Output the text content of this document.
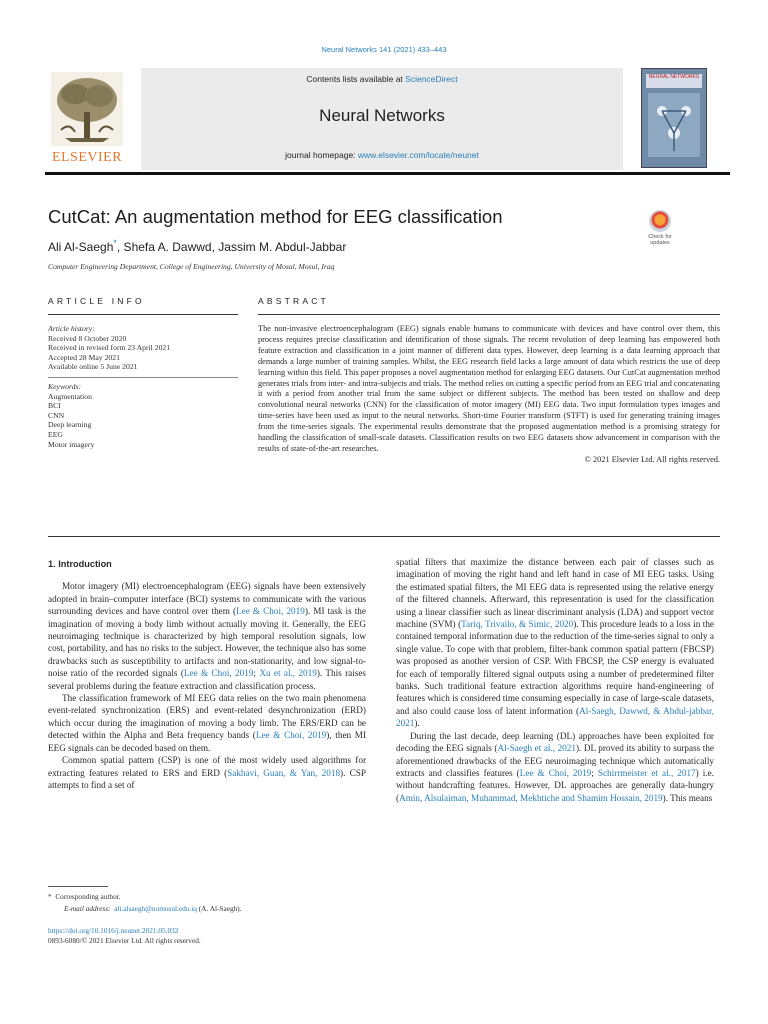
Neural Networks 141 (2021) 433–443
ELSEVIER
Contents lists available at ScienceDirect
Neural Networks
journal homepage: www.elsevier.com/locate/neunet
NEURAL NETWORKS
CutCat: An augmentation method for EEG classification
Ali Al-Saegh*, Shefa A. Dawwd, Jassim M. Abdul-Jabbar
Computer Engineering Department, College of Engineering, University of Mosul, Mosul, Iraq
Check for updates
ARTICLE INFO	ABSTRACT
Article history:
Received 8 October 2020
Received in revised form 23 April 2021
Accepted 28 May 2021
Available online 5 June 2021
Keywords:
Augmentation
BCI
CNN
Deep learning
EEG
Motor imagery
The non-invasive electroencephalogram (EEG) signals enable humans to communicate with devices and have control over them, this process requires precise classification and identification of those signals. The recent revolution of deep learning has empowered both feature extraction and classification in a joint manner of different data types. However, deep learning is a data learning approach that demands a large number of training samples. Whilst, the EEG research field lacks a large amount of data which restricts the use of deep learning within this field. This paper proposes a novel augmentation method for enlarging EEG datasets. Our CutCat augmentation method generates trials from inter- and intra-subjects and trials. The method relies on cutting a specific period from an EEG trial and concatenating it with a period from another trial from the same subject or different subjects. The method has been tested on shallow and deep convolutional neural networks (CNN) for the classification of motor imagery (MI) EEG data. Two input formulation types images and time-series have been used as input to the neural networks. Short-time Fourier transform (STFT) is used for generating training images from the time-series signals. The experimental results demonstrate that the proposed augmentation method is a promising strategy for handling the classification of small-scale datasets. Classification results on two EEG datasets show advancement in comparison with the results of state-of-the-art researches.
© 2021 Elsevier Ltd. All rights reserved.
1. Introduction

Motor imagery (MI) electroencephalogram (EEG) signals have been extensively adopted in brain–computer interface (BCI) systems to communicate with the various surrounding devices and have control over them (Lee & Choi, 2019). MI task is the imagination of moving a body limb without actually moving it. Generally, the EEG neuroimaging technique is characterized by high temporal resolution signals, low cost, portability, and has no risks to the subject. However, the technique also has some drawbacks such as susceptibility to artifacts and non-stationarity, and low signal-to-noise ratio of the recorded signals (Lee & Choi, 2019; Xu et al., 2019). This raises several problems during the feature extraction and classification process.

The classification framework of MI EEG data relies on the two main phenomena event-related synchronization (ERS) and event-related desynchronization (ERD) which occur during the imagination of moving a body limb. The ERS/ERD can be detected within the Alpha and Beta frequency bands (Lee & Choi, 2019), then MI EEG signals can be decoded based on them.

Common spatial pattern (CSP) is one of the most widely used algorithms for extracting features related to ERS and ERD (Sakhavi, Guan, & Yan, 2018). CSP attempts to find a set of

spatial filters that maximize the distance between each pair of classes such as imagination of moving the right hand and left hand in case of MI EEG tasks. Using the estimated spatial filters, the MI EEG data is represented using the relative energy of the filtered channels. Afterward, this representation is used for the classification using a linear classifier such as linear discriminant analysis (LDA) and support vector machine (SVM) (Tariq, Trivailo, & Simic, 2020). This procedure leads to a loss in the contained temporal information due to the reduction of the time-series signal to only a single value. To cope with that problem, filter-bank common spatial pattern (FBCSP) was proposed as another version of CSP. With FBCSP, the CSP energy is evaluated for each of temporally filtered signal outputs using a number of predetermined filter banks. Such traditional feature extraction algorithms require hand-engineering of features which is considered time consuming especially in case of large-scale datasets, and also could cause loss of latent information (Al-Saegh, Dawwd, & Abdul-jabbar, 2021).

During the last decade, deep learning (DL) approaches have been exploited for decoding the EEG signals (Al-Saegh et al., 2021). DL proved its ability to surpass the aforementioned drawbacks of the EEG neuroimaging technique which automatically extracts and classifies features (Lee & Choi, 2019; Schirrmeister et al., 2017) i.e. without handcrafting features. However, DL approaches are generally data-hungry (Amin, Alsulaiman, Muhammad, Mekhtiche and Shamim Hossain, 2019). This means

* Corresponding author.
E-mail address: ali.alsaegh@uomosul.edu.iq (A. Al-Saegh).
https://doi.org/10.1016/j.neunet.2021.05.032
0893-6080/© 2021 Elsevier Ltd. All rights reserved.
